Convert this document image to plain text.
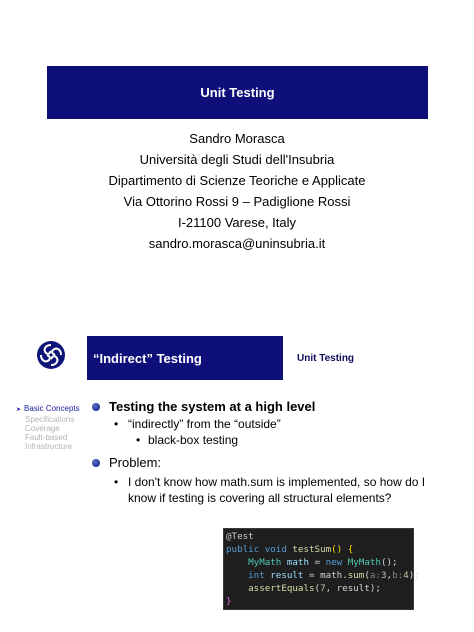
Unit Testing
Sandro Morasca
Università degli Studi dell'Insubria
Dipartimento di Scienze Teoriche e Applicate
Via Ottorino Rossi 9 – Padiglione Rossi
I-21100 Varese, Italy
sandro.morasca@uninsubria.it
“Indirect” Testing	Unit Testing
➤ Basic Concepts
Specifications
Coverage
Fault-based
Infrastructure
Testing the system at a high level
• “indirectly” from the “outside”
• black-box testing
Problem:
• I don't know how math.sum is implemented, so how do I
know if testing is covering all structural elements?
@Test
public void testSum() {
MyMath math = new MyMath();
int result = math.sum(a:3,b:4);
assertEquals(7, result);
}
